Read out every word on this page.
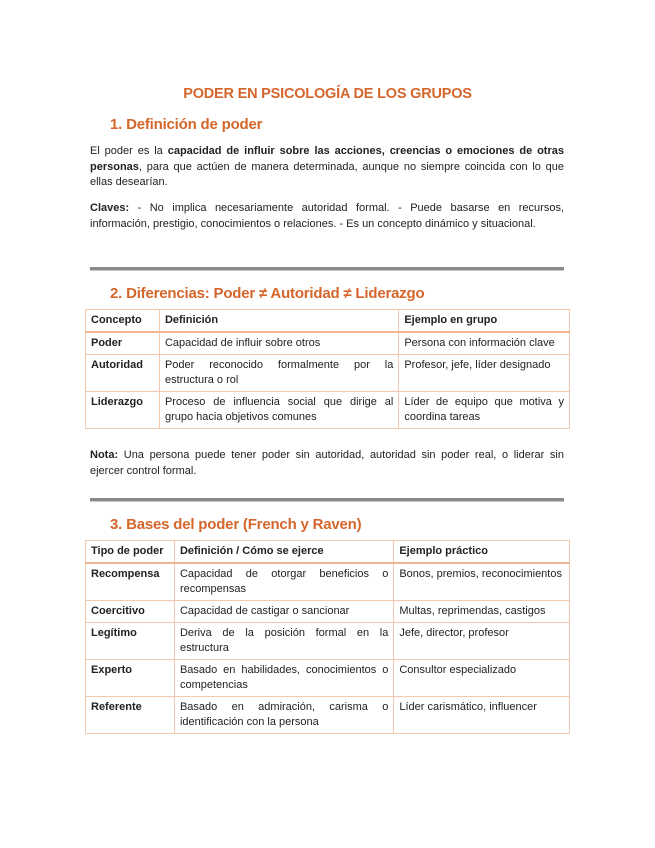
PODER EN PSICOLOGÍA DE LOS GRUPOS
1. Definición de poder

El poder es la capacidad de influir sobre las acciones, creencias o emociones de otras personas, para que actúen de manera determinada, aunque no siempre coincida con lo que ellas desearían.

Claves: - No implica necesariamente autoridad formal. - Puede basarse en recursos, información, prestigio, conocimientos o relaciones. - Es un concepto dinámico y situacional.

2. Diferencias: Poder ≠ Autoridad ≠ Liderazgo
Concepto	Definición	Ejemplo en grupo
Poder	Capacidad de influir sobre otros	Persona con información clave
Autoridad	Poder reconocido formalmente por la estructura o rol	Profesor, jefe, líder designado
Liderazgo	Proceso de influencia social que dirige al grupo hacia objetivos comunes	Líder de equipo que motiva y coordina tareas

Nota: Una persona puede tener poder sin autoridad, autoridad sin poder real, o liderar sin ejercer control formal.

3. Bases del poder (French y Raven)
Tipo de poder	Definición / Cómo se ejerce	Ejemplo práctico
Recompensa	Capacidad de otorgar beneficios o recompensas	Bonos, premios, reconocimientos
Coercitivo	Capacidad de castigar o sancionar	Multas, reprimendas, castigos
Legítimo	Deriva de la posición formal en la estructura	Jefe, director, profesor
Experto	Basado en habilidades, conocimientos o competencias	Consultor especializado
Referente	Basado en admiración, carisma o identificación con la persona	Líder carismático, influencer
